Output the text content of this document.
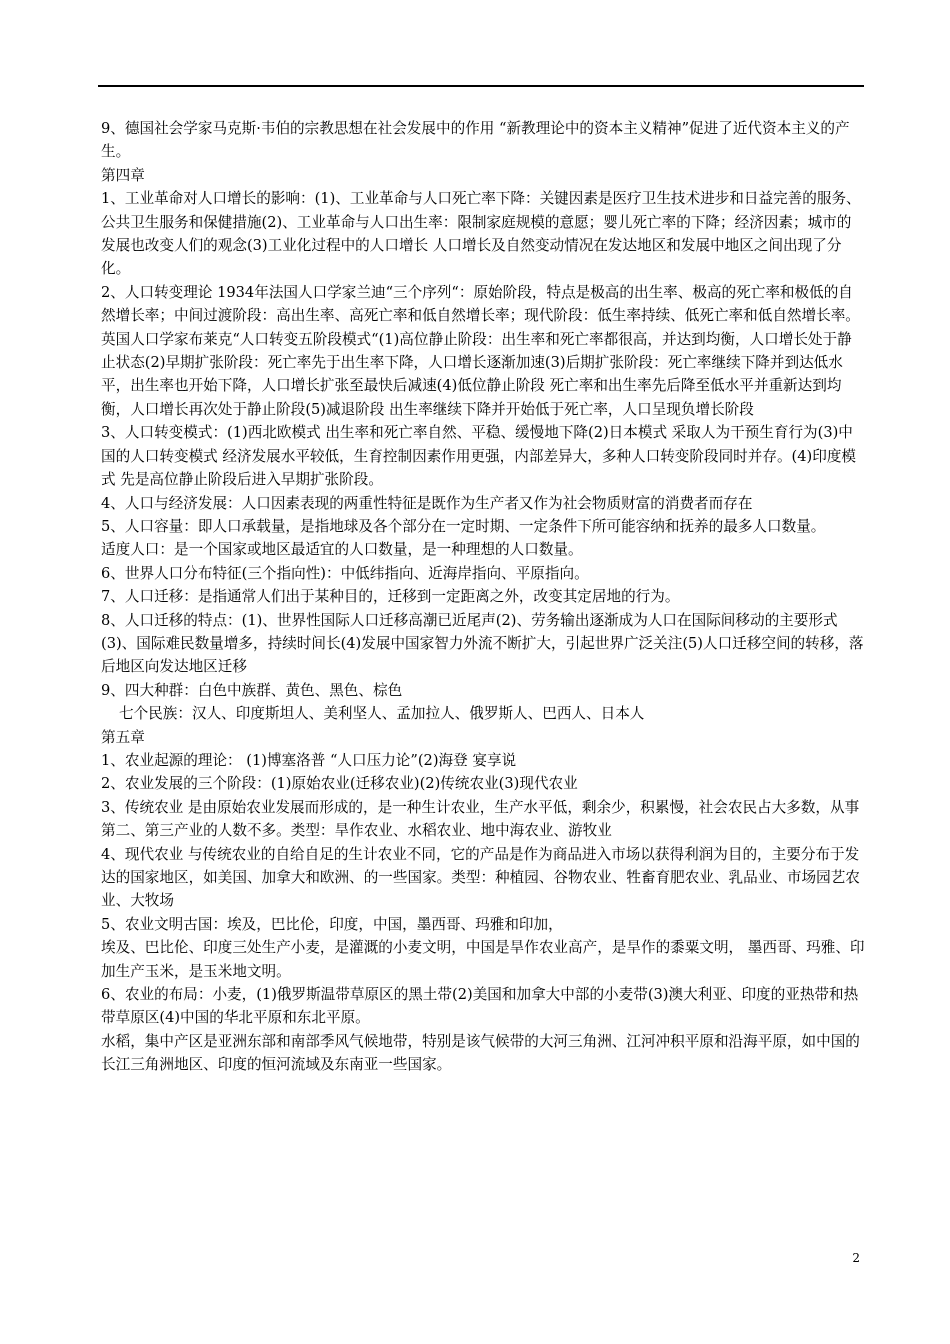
9、德国社会学家马克斯·韦伯的宗教思想在社会发展中的作用 “新教理论中的资本主义精神”促进了近代资本主义的产生。

第四章

1、工业革命对人口增长的影响：(1)、工业革命与人口死亡率下降：关键因素是医疗卫生技术进步和日益完善的服务、公共卫生服务和保健措施(2)、工业革命与人口出生率：限制家庭规模的意愿；婴儿死亡率的下降；经济因素；城市的发展也改变人们的观念(3)工业化过程中的人口增长 人口增长及自然变动情况在发达地区和发展中地区之间出现了分化。

2、人口转变理论 1934年法国人口学家兰迪“三个序列“：原始阶段，特点是极高的出生率、极高的死亡率和极低的自然增长率；中间过渡阶段：高出生率、高死亡率和低自然增长率；现代阶段：低生率持续、低死亡率和低自然增长率。

英国人口学家布莱克“人口转变五阶段模式“(1)高位静止阶段：出生率和死亡率都很高，并达到均衡，人口增长处于静止状态(2)早期扩张阶段：死亡率先于出生率下降，人口增长逐渐加速(3)后期扩张阶段：死亡率继续下降并到达低水平，出生率也开始下降，人口增长扩张至最快后减速(4)低位静止阶段 死亡率和出生率先后降至低水平并重新达到均衡，人口增长再次处于静止阶段(5)减退阶段 出生率继续下降并开始低于死亡率，人口呈现负增长阶段

3、人口转变模式：(1)西北欧模式 出生率和死亡率自然、平稳、缓慢地下降(2)日本模式 采取人为干预生育行为(3)中国的人口转变模式 经济发展水平较低，生育控制因素作用更强，内部差异大，多种人口转变阶段同时并存。(4)印度模式 先是高位静止阶段后进入早期扩张阶段。

4、人口与经济发展：人口因素表现的两重性特征是既作为生产者又作为社会物质财富的消费者而存在

5、人口容量：即人口承载量，是指地球及各个部分在一定时期、一定条件下所可能容纳和抚养的最多人口数量。

适度人口：是一个国家或地区最适宜的人口数量，是一种理想的人口数量。

6、世界人口分布特征(三个指向性)：中低纬指向、近海岸指向、平原指向。

7、人口迁移：是指通常人们出于某种目的，迁移到一定距离之外，改变其定居地的行为。

8、人口迁移的特点：(1)、世界性国际人口迁移高潮已近尾声(2)、劳务输出逐渐成为人口在国际间移动的主要形式(3)、国际难民数量增多，持续时间长(4)发展中国家智力外流不断扩大，引起世界广泛关注(5)人口迁移空间的转移，落后地区向发达地区迁移

9、四大种群：白色中族群、黄色、黑色、棕色

七个民族：汉人、印度斯坦人、美利坚人、孟加拉人、俄罗斯人、巴西人、日本人

第五章

1、农业起源的理论： (1)博塞洛普 “人口压力论”(2)海登 宴享说

2、农业发展的三个阶段：(1)原始农业(迁移农业)(2)传统农业(3)现代农业

3、传统农业 是由原始农业发展而形成的，是一种生计农业，生产水平低，剩余少，积累慢，社会农民占大多数，从事第二、第三产业的人数不多。类型：旱作农业、水稻农业、地中海农业、游牧业

4、现代农业 与传统农业的自给自足的生计农业不同，它的产品是作为商品进入市场以获得利润为目的，主要分布于发达的国家地区，如美国、加拿大和欧洲、的一些国家。类型：种植园、谷物农业、牲畜育肥农业、乳品业、市场园艺农业、大牧场

5、农业文明古国：埃及，巴比伦，印度，中国，墨西哥、玛雅和印加，

埃及、巴比伦、印度三处生产小麦，是灌溉的小麦文明，中国是旱作农业高产，是旱作的黍粟文明， 墨西哥、玛雅、印加生产玉米，是玉米地文明。

6、农业的布局：小麦，(1)俄罗斯温带草原区的黑土带(2)美国和加拿大中部的小麦带(3)澳大利亚、印度的亚热带和热带草原区(4)中国的华北平原和东北平原。

水稻，集中产区是亚洲东部和南部季风气候地带，特别是该气候带的大河三角洲、江河冲积平原和沿海平原，如中国的长江三角洲地区、印度的恒河流域及东南亚一些国家。

2
